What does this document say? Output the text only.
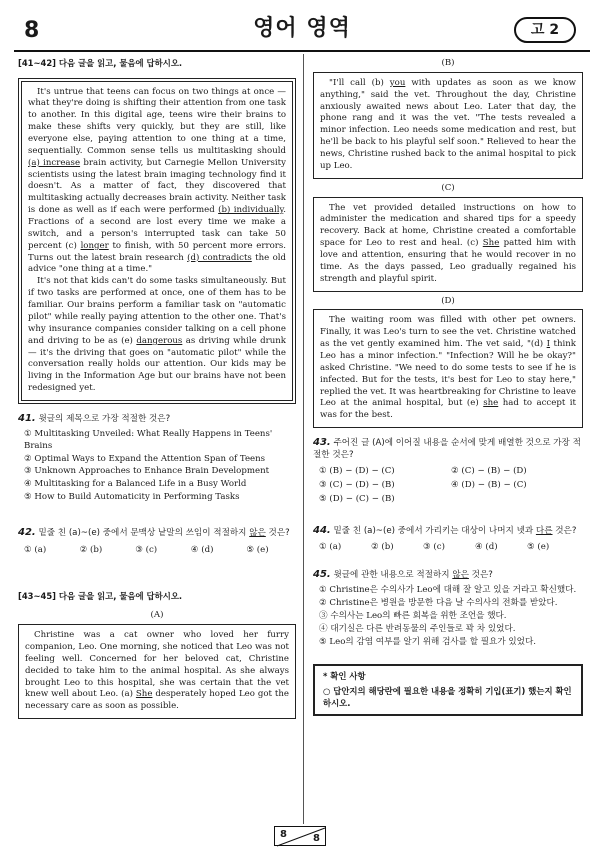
8	영어 영역	고 2
[41~42] 다음 글을 읽고, 물음에 답하시오.

It's untrue that teens can focus on two things at once — what they're doing is shifting their attention from one task to another. In this digital age, teens wire their brains to make these shifts very quickly, but they are still, like everyone else, paying attention to one thing at a time, sequentially. Common sense tells us multitasking should (a) increase brain activity, but Carnegie Mellon University scientists using the latest brain imaging technology find it doesn't. As a matter of fact, they discovered that multitasking actually decreases brain activity. Neither task is done as well as if each were performed (b) individually. Fractions of a second are lost every time we make a switch, and a person's interrupted task can take 50 percent (c) longer to finish, with 50 percent more errors. Turns out the latest brain research (d) contradicts the old advice "one thing at a time."

It's not that kids can't do some tasks simultaneously. But if two tasks are performed at once, one of them has to be familiar. Our brains perform a familiar task on "automatic pilot" while really paying attention to the other one. That's why insurance companies consider talking on a cell phone and driving to be as (e) dangerous as driving while drunk — it's the driving that goes on "automatic pilot" while the conversation really holds our attention. Our kids may be living in the Information Age but our brains have not been redesigned yet.

41. 윗글의 제목으로 가장 적절한 것은?
① Multitasking Unveiled: What Really Happens in Teens' Brains
② Optimal Ways to Expand the Attention Span of Teens
③ Unknown Approaches to Enhance Brain Development
④ Multitasking for a Balanced Life in a Busy World
⑤ How to Build Automaticity in Performing Tasks
42. 밑줄 친 (a)~(e) 중에서 문맥상 낱말의 쓰임이 적절하지 않은 것은?
① (a)	② (b)	③ (c)	④ (d)	⑤ (e)
[43~45] 다음 글을 읽고, 물음에 답하시오.
(A)

Christine was a cat owner who loved her furry companion, Leo. One morning, she noticed that Leo was not feeling well. Concerned for her beloved cat, Christine decided to take him to the animal hospital. As she always brought Leo to this hospital, she was certain that the vet knew well about Leo. (a) She desperately hoped Leo got the necessary care as soon as possible.

(B)

"I'll call (b) you with updates as soon as we know anything," said the vet. Throughout the day, Christine anxiously awaited news about Leo. Later that day, the phone rang and it was the vet. "The tests revealed a minor infection. Leo needs some medication and rest, but he'll be back to his playful self soon." Relieved to hear the news, Christine rushed back to the animal hospital to pick up Leo.

(C)

The vet provided detailed instructions on how to administer the medication and shared tips for a speedy recovery. Back at home, Christine created a comfortable space for Leo to rest and heal. (c) She patted him with love and attention, ensuring that he would recover in no time. As the days passed, Leo gradually regained his strength and playful spirit.

(D)

The waiting room was filled with other pet owners. Finally, it was Leo's turn to see the vet. Christine watched as the vet gently examined him. The vet said, "(d) I think Leo has a minor infection." "Infection? Will he be okay?" asked Christine. "We need to do some tests to see if he is infected. But for the tests, it's best for Leo to stay here," replied the vet. It was heartbreaking for Christine to leave Leo at the animal hospital, but (e) she had to accept it was for the best.

43. 주어진 글 (A)에 이어질 내용을 순서에 맞게 배열한 것으로 가장 적절한 것은?
① (B) − (D) − (C)	② (C) − (B) − (D)
③ (C) − (D) − (B)	④ (D) − (B) − (C)
⑤ (D) − (C) − (B)
44. 밑줄 친 (a)~(e) 중에서 가리키는 대상이 나머지 넷과 다른 것은?
① (a)	② (b)	③ (c)	④ (d)	⑤ (e)
45. 윗글에 관한 내용으로 적절하지 않은 것은?
① Christine은 수의사가 Leo에 대해 잘 알고 있을 거라고 확신했다.
② Christine은 병원을 방문한 다음 날 수의사의 전화를 받았다.
③ 수의사는 Leo의 빠른 회복을 위한 조언을 했다.
④ 대기실은 다른 반려동물의 주인들로 꽉 차 있었다.
⑤ Leo의 감염 여부를 알기 위해 검사를 할 필요가 있었다.
* 확인 사항
○ 답안지의 해당란에 필요한 내용을 정확히 기입(표기) 했는지 확인하시오.
8	8
